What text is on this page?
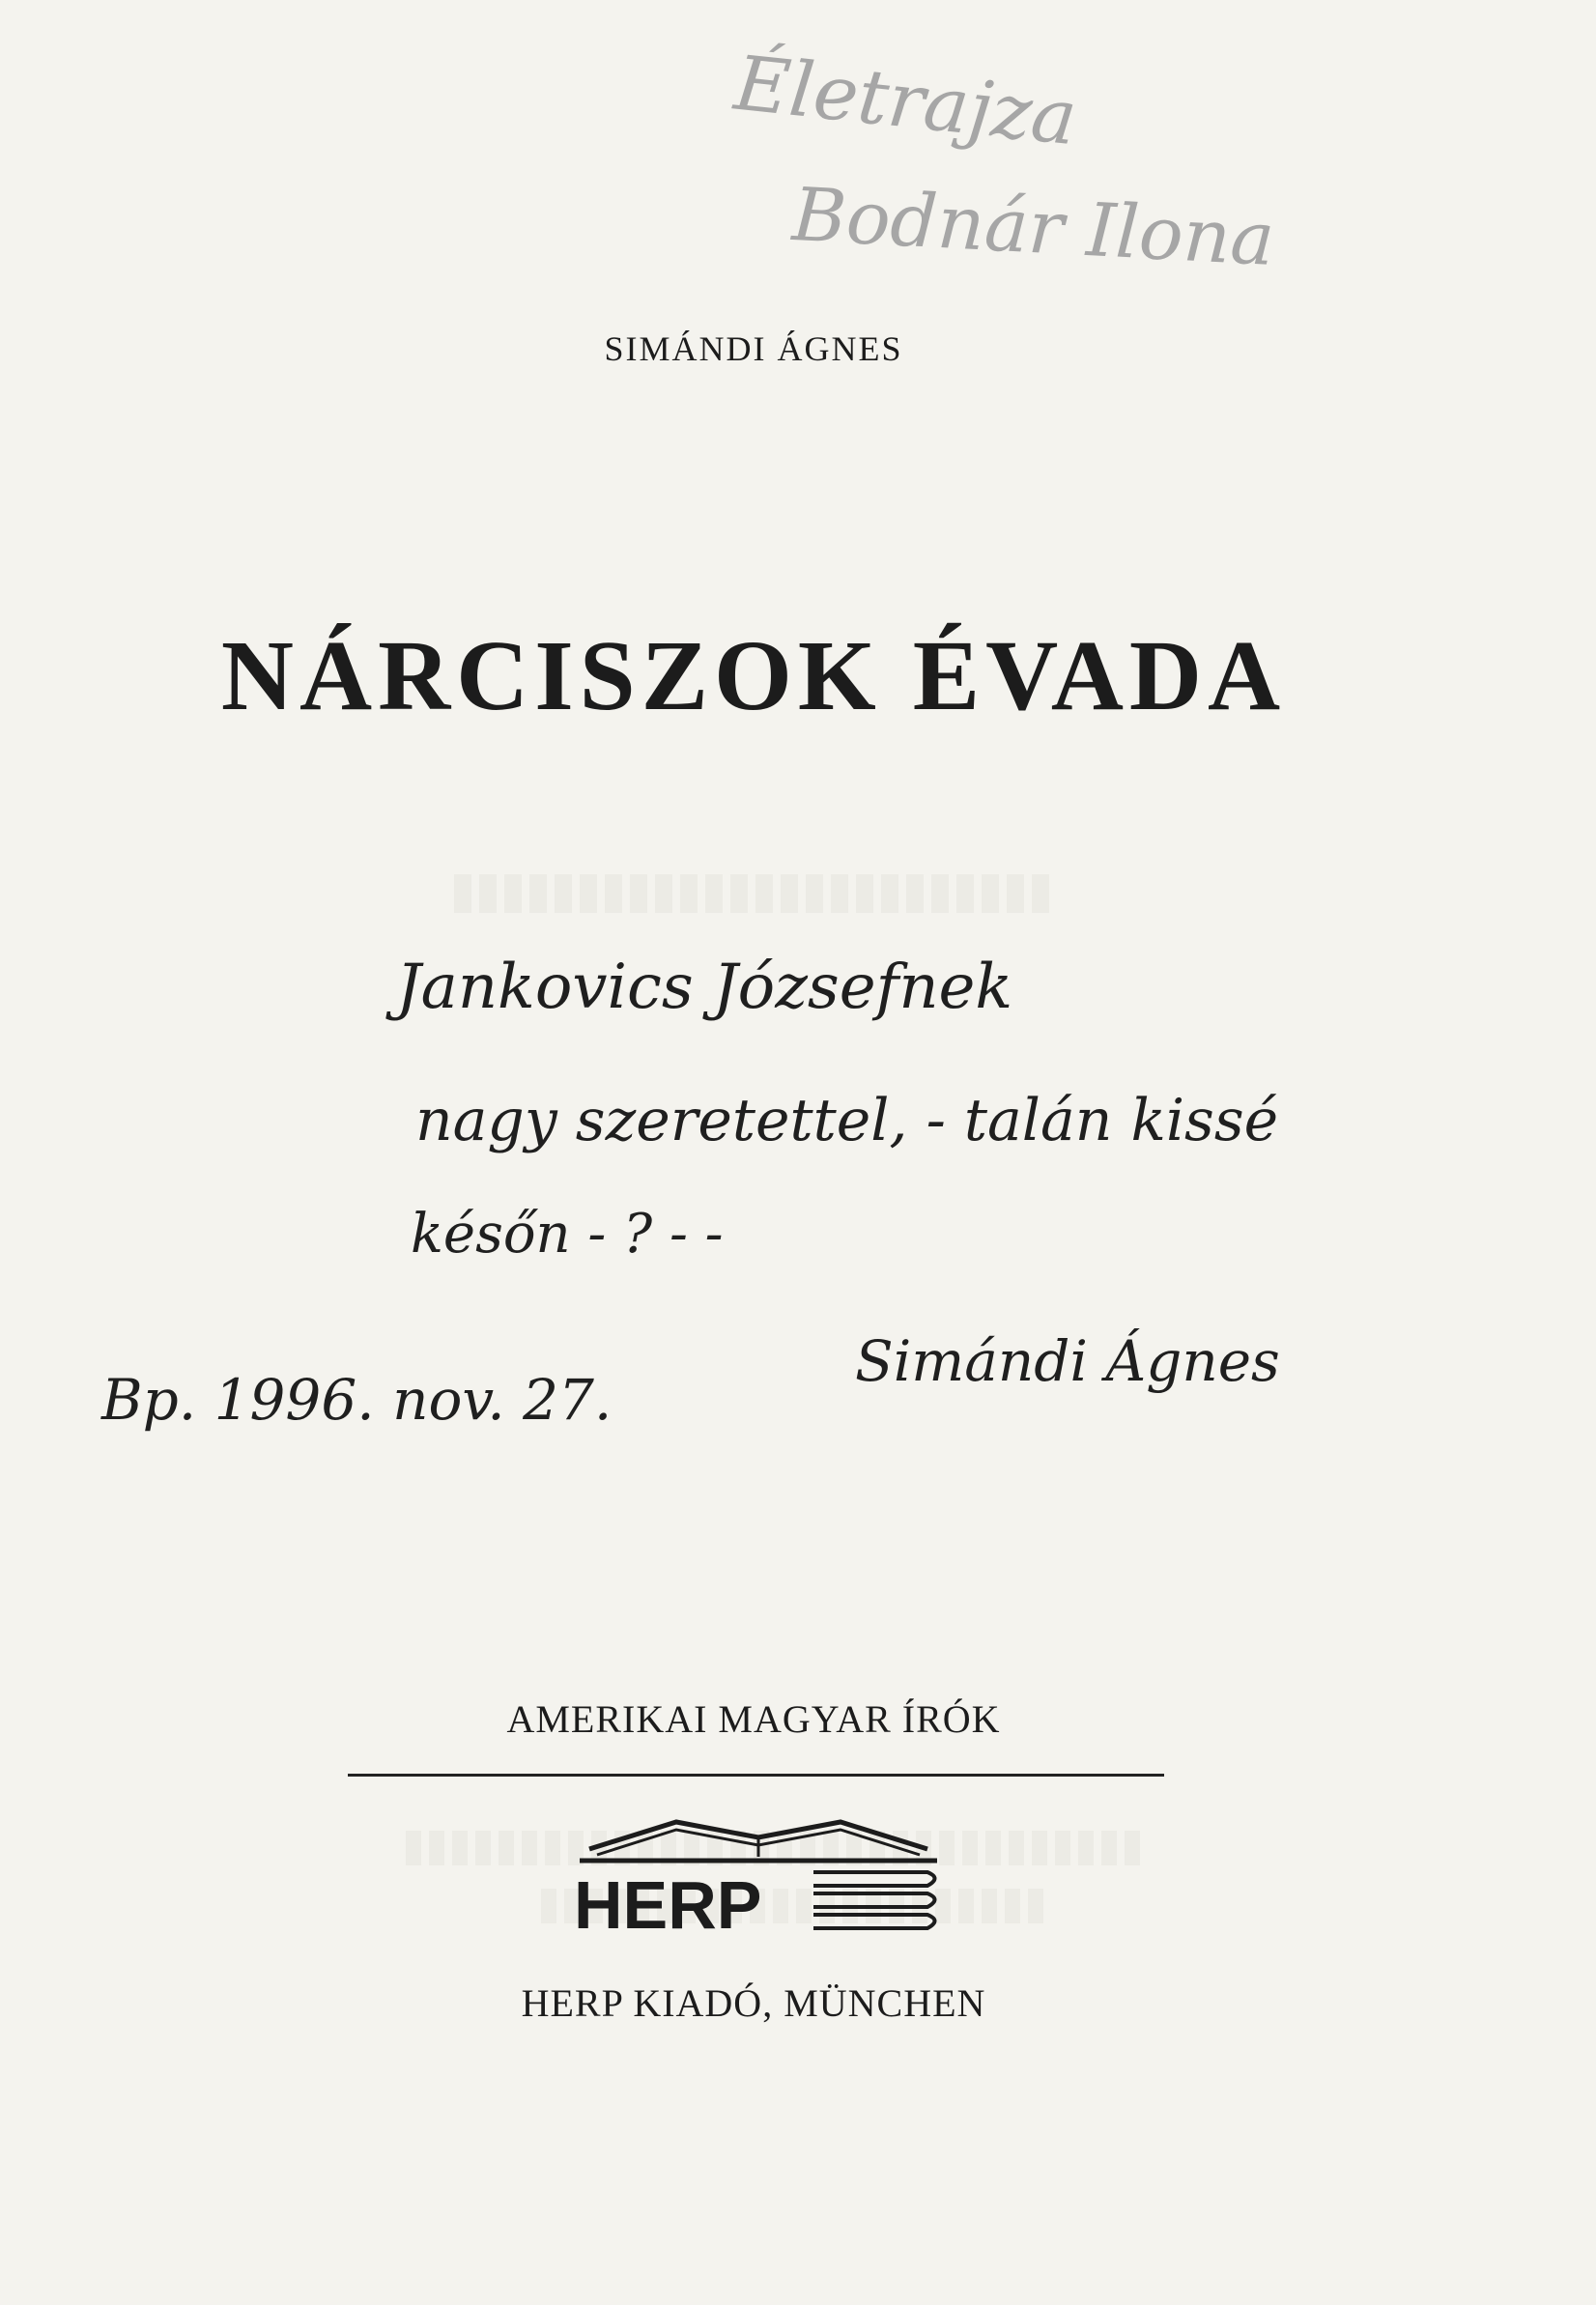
Életrajza
Bodnár Ilona
SIMÁNDI ÁGNES
NÁRCISZOK ÉVADA
Jankovics Józsefnek
nagy szeretettel, - talán kissé
későn - ? - -
Bp. 1996. nov. 27.
Simándi Ágnes
AMERIKAI MAGYAR ÍRÓK
HERP
HERP KIADÓ, MÜNCHEN
